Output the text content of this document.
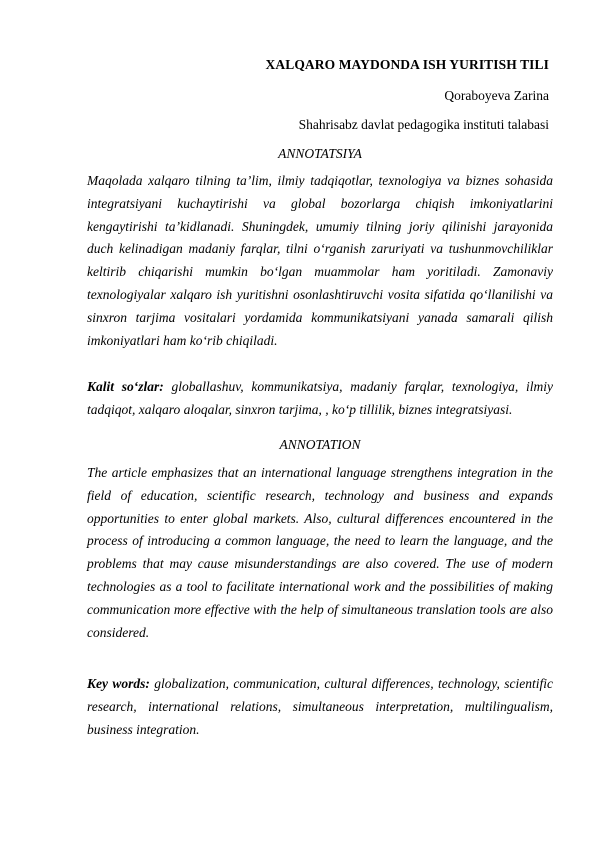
XALQARO MAYDONDA ISH YURITISH TILI
Qoraboyeva Zarina
Shahrisabz davlat pedagogika instituti talabasi
ANNOTATSIYA

Maqolada xalqaro tilning ta’lim, ilmiy tadqiqotlar, texnologiya va biznes sohasida integratsiyani kuchaytirishi va global bozorlarga chiqish imkoniyatlarini kengaytirishi ta’kidlanadi. Shuningdek, umumiy tilning joriy qilinishi jarayonida duch kelinadigan madaniy farqlar, tilni o‘rganish zaruriyati va tushunmovchiliklar keltirib chiqarishi mumkin bo‘lgan muammolar ham yoritiladi. Zamonaviy texnologiyalar xalqaro ish yuritishni osonlashtiruvchi vosita sifatida qo‘llanilishi va sinxron tarjima vositalari yordamida kommunikatsiyani yanada samarali qilish imkoniyatlari ham ko‘rib chiqiladi.

Kalit so‘zlar: globallashuv, kommunikatsiya, madaniy farqlar, texnologiya, ilmiy tadqiqot, xalqaro aloqalar, sinxron tarjima, , ko‘p tillilik, biznes integratsiyasi.

ANNOTATION

The article emphasizes that an international language strengthens integration in the field of education, scientific research, technology and business and expands opportunities to enter global markets. Also, cultural differences encountered in the process of introducing a common language, the need to learn the language, and the problems that may cause misunderstandings are also covered. The use of modern technologies as a tool to facilitate international work and the possibilities of making communication more effective with the help of simultaneous translation tools are also considered.

Key words: globalization, communication, cultural differences, technology, scientific research, international relations, simultaneous interpretation, multilingualism, business integration.
